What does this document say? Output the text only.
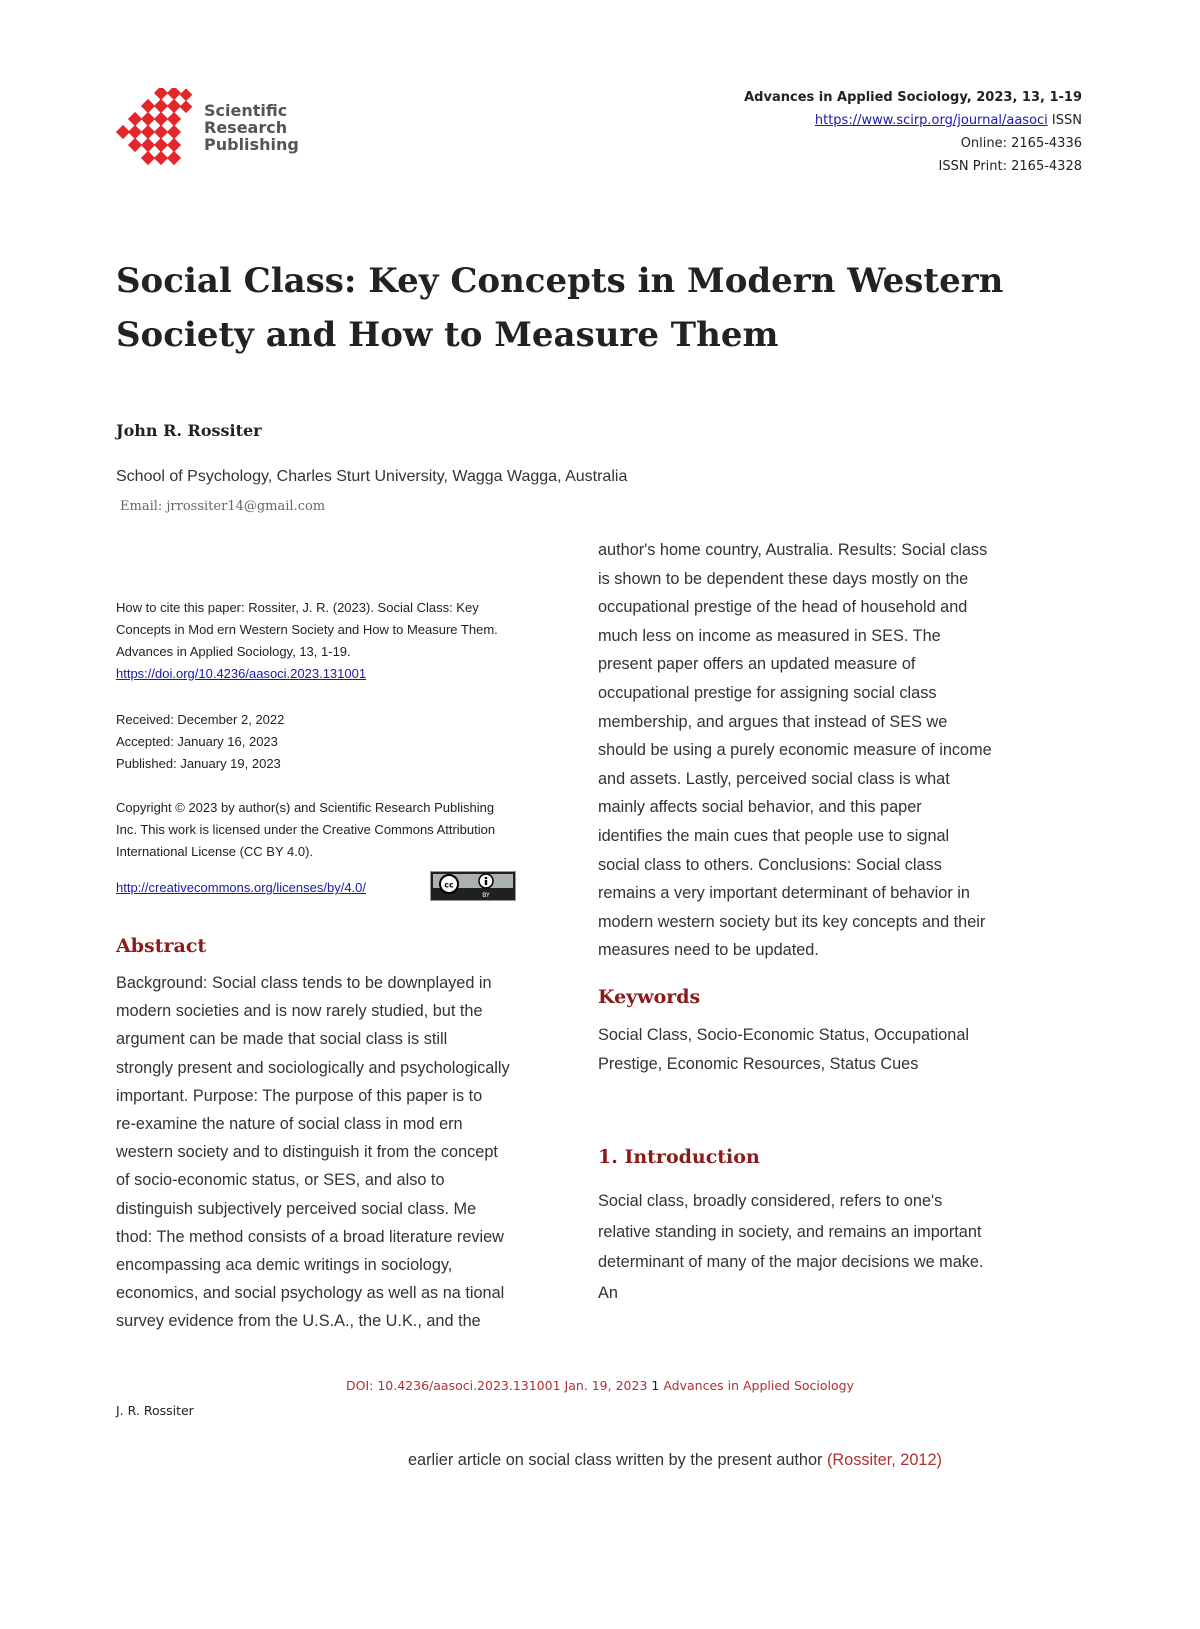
Scientific
Research
Publishing
Advances in Applied Sociology, 2023, 13, 1-19
https://www.scirp.org/journal/aasoci ISSN
Online: 2165-4336
ISSN Print: 2165-4328
Social Class: Key Concepts in Modern Western
Society and How to Measure Them
John R. Rossiter
School of Psychology, Charles Sturt University, Wagga Wagga, Australia
Email: jrrossiter14@gmail.com
How to cite this paper: Rossiter, J. R. (2023). Social Class: Key
Concepts in Mod ern Western Society and How to Measure Them.
Advances in Applied Sociology, 13, 1-19.
https://doi.org/10.4236/aasoci.2023.131001
Received: December 2, 2022
Accepted: January 16, 2023
Published: January 19, 2023
Copyright © 2023 by author(s) and Scientific Research Publishing
Inc. This work is licensed under the Creative Commons Attribution
International License (CC BY 4.0).
http://creativecommons.org/licenses/by/4.0/	cc
BY
Abstract
Background: Social class tends to be downplayed in
modern societies and is now rarely studied, but the
argument can be made that social class is still
strongly present and sociologically and psychologically
important. Purpose: The purpose of this paper is to
re-examine the nature of social class in mod ern
western society and to distinguish it from the concept
of socio-economic status, or SES, and also to
distinguish subjectively perceived social class. Me
thod: The method consists of a broad literature review
encompassing aca demic writings in sociology,
economics, and social psychology as well as na tional
survey evidence from the U.S.A., the U.K., and the
author's home country, Australia. Results: Social class
is shown to be dependent these days mostly on the
occupational prestige of the head of household and
much less on income as measured in SES. The
present paper offers an updated measure of
occupational prestige for assigning social class
membership, and argues that instead of SES we
should be using a purely economic measure of income
and assets. Lastly, perceived social class is what
mainly affects social behavior, and this paper
identifies the main cues that people use to signal
social class to others. Conclusions: Social class
remains a very important determinant of behavior in
modern western society but its key concepts and their
measures need to be updated.
Keywords
Social Class, Socio-Economic Status, Occupational
Prestige, Economic Resources, Status Cues
1. Introduction
Social class, broadly considered, refers to one's
relative standing in society, and remains an important
determinant of many of the major decisions we make.
An
DOI: 10.4236/aasoci.2023.131001 Jan. 19, 2023 1 Advances in Applied Sociology
J. R. Rossiter
earlier article on social class written by the present author (Rossiter, 2012)
